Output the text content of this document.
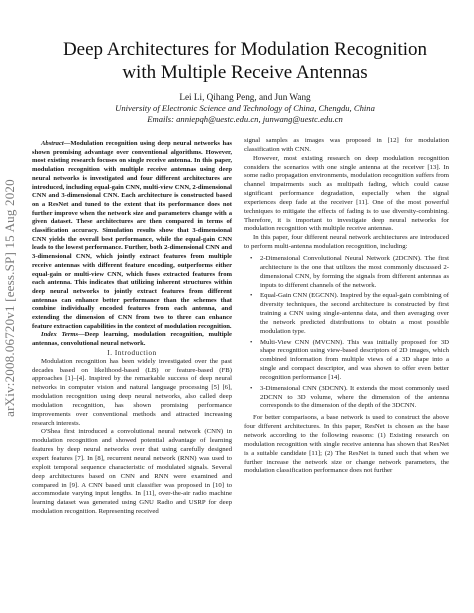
arXiv:2008.06720v1 [eess.SP] 15 Aug 2020
Deep Architectures for Modulation Recognition
with Multiple Receive Antennas
Lei Li, Qihang Peng, and Jun Wang
University of Electronic Science and Technology of China, Chengdu, China
Emails: anniepqh@uestc.edu.cn, junwang@uestc.edu.cn

Abstract—Modulation recognition using deep neural networks has shown promising advantage over conventional algorithms. However, most existing research focuses on single receive antenna. In this paper, modulation recognition with multiple receive antennas using deep neural networks is investigated and four different architectures are introduced, including equal-gain CNN, multi-view CNN, 2-dimensional CNN and 3-dimensional CNN. Each architecture is constructed based on a ResNet and tuned to the extent that its performance does not further improve when the network size and parameters change with a given dataset. These architectures are then compared in terms of classification accuracy. Simulation results show that 3-dimensional CNN yields the overall best performance, while the equal-gain CNN leads to the lowest performance. Further, both 2-dimensional CNN and 3-dimensional CNN, which jointly extract features from multiple receive antennas with different feature encoding, outperforms either equal-gain or multi-view CNN, which fuses extracted features from each antenna. This indicates that utilizing inherent structures within deep neural networks to jointly extract features from different antennas can enhance better performance than the schemes that combine individually encoded features from each antenna, and extending the dimension of CNN from two to three can enhance feature extraction capabilities in the context of modulation recognition.

Index Terms—Deep learning, modulation recognition, multiple antennas, convolutional neural network.

I. Introduction

Modulation recognition has been widely investigated over the past decades based on likelihood-based (LB) or feature-based (FB) approaches [1]–[4]. Inspired by the remarkable success of deep neural networks in computer vision and natural language processing [5] [6], modulation recognition using deep neural networks, also called deep modulation recognition, has shown promising performance improvements over conventional methods and attracted increasing research interests.

O'Shea first introduced a convolutional neural network (CNN) in modulation recognition and showed potential advantage of learning features by deep neural networks over that using carefully designed expert features [7]. In [8], recurrent neural network (RNN) was used to exploit temporal sequence characteristic of modulated signals. Several deep architectures based on CNN and RNN were examined and compared in [9]. A CNN based unit classifier was proposed in [10] to accommodate varying input lengths. In [11], over-the-air radio machine learning dataset was generated using GNU Radio and USRP for deep modulation recognition. Representing received

signal samples as images was proposed in [12] for modulation classification with CNN.

However, most existing research on deep modulation recognition considers the scenarios with one single antenna at the receiver [13]. In some radio propagation environments, modulation recognition suffers from channel impairments such as multipath fading, which could cause significant performance degradation, especially when the signal experiences deep fade at the receiver [11]. One of the most powerful techniques to mitigate the effects of fading is to use diversity-combining. Therefore, it is important to investigate deep neural networks for modulation recognition with multiple receive antennas.

In this paper, four different neural network architectures are introduced to perform multi-antenna modulation recognition, including:

• 2-Dimensional Convolutional Neural Network (2DCNN). The first architecture is the one that utilizes the most commonly discussed 2-dimensional CNN, by forming the signals from different antennas as inputs to different channels of the network.
• Equal-Gain CNN (EGCNN). Inspired by the equal-gain combining of diversity techniques, the second architecture is constructed by first training a CNN using single-antenna data, and then averaging over the network predicted distributions to obtain a most possible modulation type.
• Multi-View CNN (MVCNN). This was initially proposed for 3D shape recognition using view-based descriptors of 2D images, which combined information from multiple views of a 3D shape into a single and compact descriptor, and was shown to offer even better recognition performance [14].
• 3-Dimensional CNN (3DCNN). It extends the most commonly used 2DCNN to 3D volume, where the dimension of the antenna corresponds to the dimension of the depth of the 3DCNN.

For better comparisons, a base network is used to construct the above four different architectures. In this paper, ResNet is chosen as the base network according to the following reasons: (1) Existing research on modulation recognition with single receive antenna has shown that ResNet is a suitable candidate [11]; (2) The ResNet is tuned such that when we further increase the network size or change network parameters, the modulation classification performance does not further
